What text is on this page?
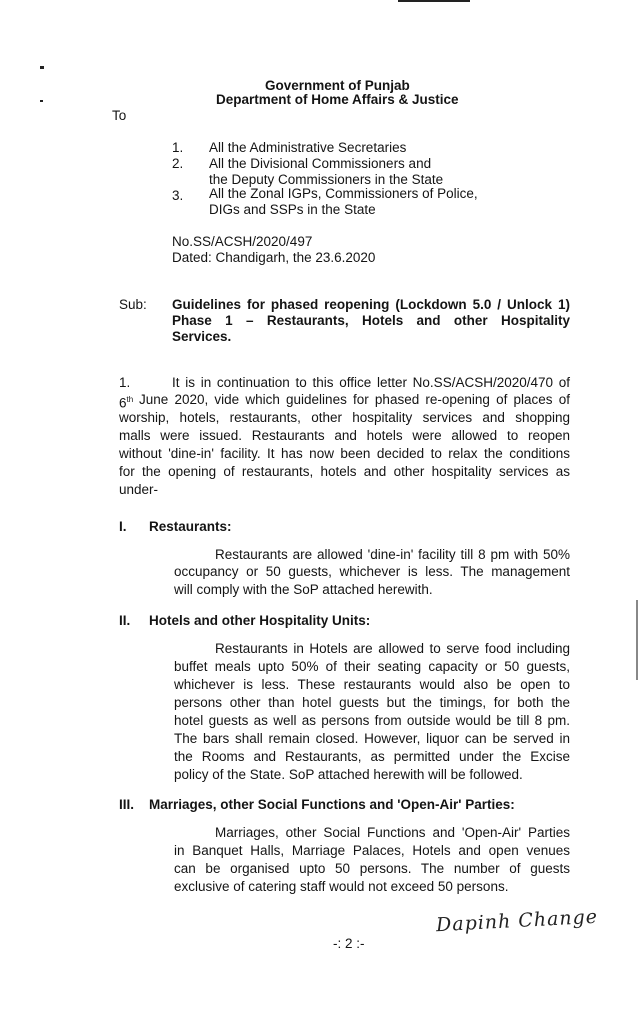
Government of Punjab
Department of Home Affairs & Justice
To
1. All the Administrative Secretaries
2. All the Divisional Commissioners and
the Deputy Commissioners in the State
3. All the Zonal IGPs, Commissioners of Police,
DIGs and SSPs in the State
No.SS/ACSH/2020/497
Dated: Chandigarh, the 23.6.2020
Sub: Guidelines for phased reopening (Lockdown 5.0 / Unlock 1)
Phase 1 – Restaurants, Hotels and other Hospitality
Services.
1.	It is in continuation to this office letter No.SS/ACSH/2020/470 of
6th June 2020, vide which guidelines for phased re-opening of places of
worship, hotels, restaurants, other hospitality services and shopping
malls were issued. Restaurants and hotels were allowed to reopen
without 'dine-in' facility. It has now been decided to relax the conditions
for the opening of restaurants, hotels and other hospitality services as
under-
I. Restaurants:
Restaurants are allowed 'dine-in' facility till 8 pm with 50%
occupancy or 50 guests, whichever is less. The management
will comply with the SoP attached herewith.
II. Hotels and other Hospitality Units:
Restaurants in Hotels are allowed to serve food including
buffet meals upto 50% of their seating capacity or 50 guests,
whichever is less. These restaurants would also be open to
persons other than hotel guests but the timings, for both the
hotel guests as well as persons from outside would be till 8 pm.
The bars shall remain closed. However, liquor can be served in
the Rooms and Restaurants, as permitted under the Excise
policy of the State. SoP attached herewith will be followed.
III. Marriages, other Social Functions and 'Open-Air' Parties:
Marriages, other Social Functions and 'Open-Air' Parties
in Banquet Halls, Marriage Palaces, Hotels and open venues
can be organised upto 50 persons. The number of guests
exclusive of catering staff would not exceed 50 persons.
-: 2 :-
Dapinh Change
